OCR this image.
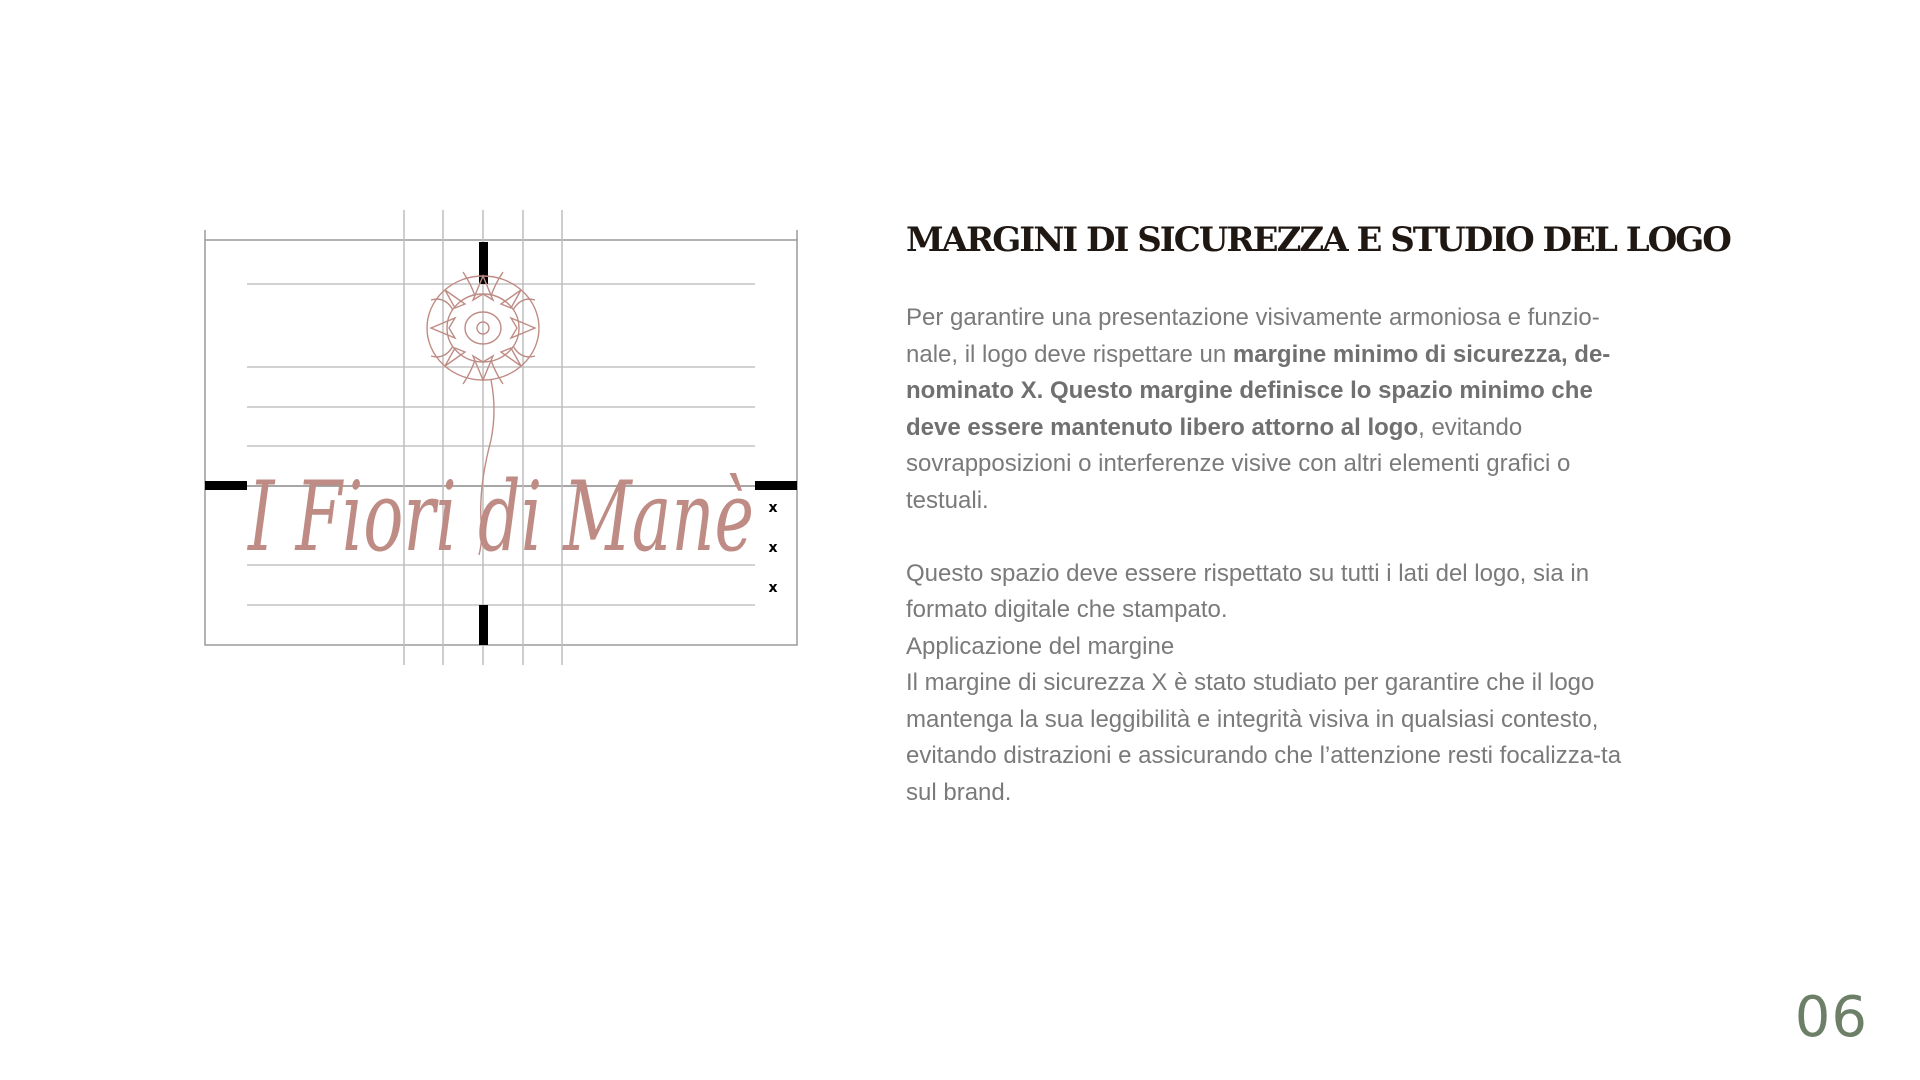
I Fiori di Manè x
x
x
MARGINI DI SICUREZZA E STUDIO DEL LOGO

Per garantire una presentazione visivamente armoniosa e funzio-nale, il logo deve rispettare un margine minimo di sicurezza, de-nominato X. Questo margine definisce lo spazio minimo che deve essere mantenuto libero attorno al logo, evitando sovrapposizioni o interferenze visive con altri elementi grafici o testuali.

Questo spazio deve essere rispettato su tutti i lati del logo, sia in formato digitale che stampato.

Applicazione del margine

Il margine di sicurezza X è stato studiato per garantire che il logo mantenga la sua leggibilità e integrità visiva in qualsiasi contesto, evitando distrazioni e assicurando che l’attenzione resti focalizza-ta sul brand.

06
